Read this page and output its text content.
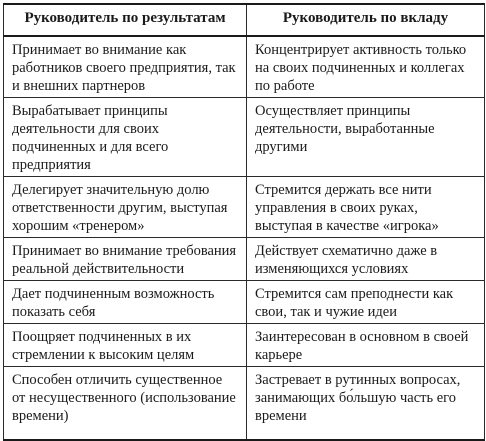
Руководитель по результатам	Руководитель по вкладу
Принимает во внимание как работников своего предприятия, так и внешних партнеров	Концентрирует активность только на своих подчиненных и коллегах по работе
Вырабатывает принципы деятельности для своих подчиненных и для всего предприятия	Осуществляет принципы деятельности, выработанные другими
Делегирует значительную долю ответственности другим, выступая хорошим «тренером»	Стремится держать все нити управления в своих руках, выступая в качестве «игрока»
Принимает во внимание требования реальной действительности	Действует схематично даже в изменяющихся условиях
Дает подчиненным возможность показать себя	Стремится сам преподнести как свои, так и чужие идеи
Поощряет подчиненных в их стремлении к высоким целям	Заинтересован в основном в своей карьере
Способен отличить существенное от несущественного (использование времени)	Застревает в рутинных вопросах, занимающих бо́льшую часть его времени
